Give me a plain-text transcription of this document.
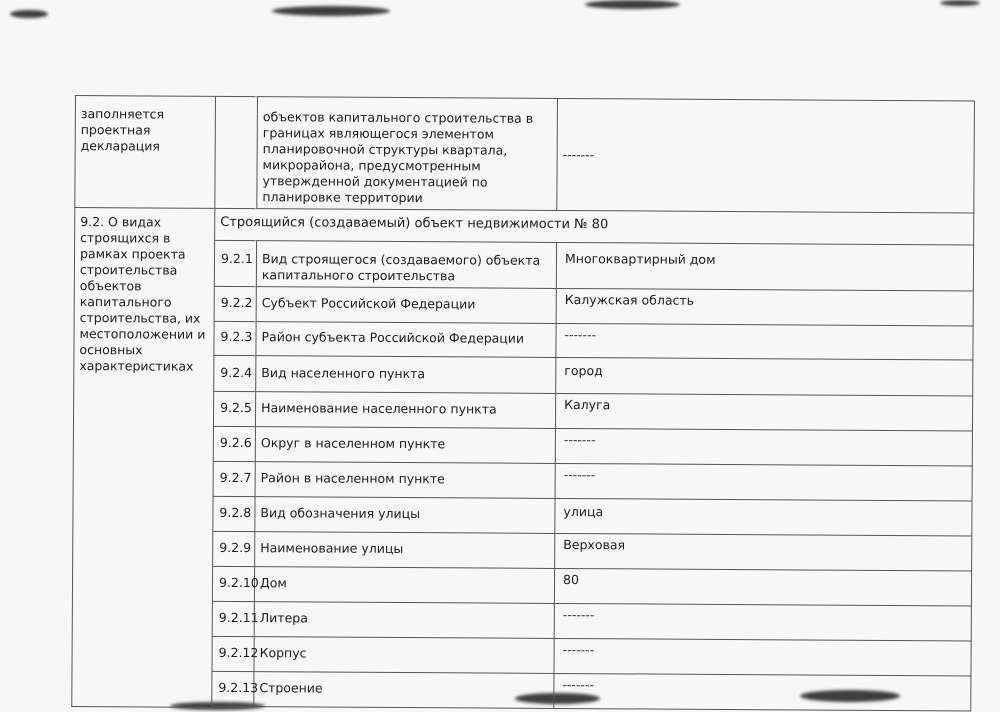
заполняется проектная декларация		объектов капитального строительства в границах являющегося элементом планировочной структуры квартала, микрорайона, предусмотренным утвержденной документацией по планировке территории	-------
9.2. О видах строящихся в рамках проекта строительства объектов капитального строительства, их местоположении и основных характеристиках	Строящийся (создаваемый) объект недвижимости № 80		
	9.2.1	Вид строящегося (создаваемого) объекта капитального строительства	Многоквартирный дом
	9.2.2	Субъект Российской Федерации	Калужская область
	9.2.3	Район субъекта Российской Федерации	-------
	9.2.4	Вид населенного пункта	город
	9.2.5	Наименование населенного пункта	Калуга
	9.2.6	Округ в населенном пункте	-------
	9.2.7	Район в населенном пункте	-------
	9.2.8	Вид обозначения улицы	улица
	9.2.9	Наименование улицы	Верховая
	9.2.10	Дом	80
	9.2.11	Литера	-------
	9.2.12	Корпус	-------
	9.2.13	Строение	-------
